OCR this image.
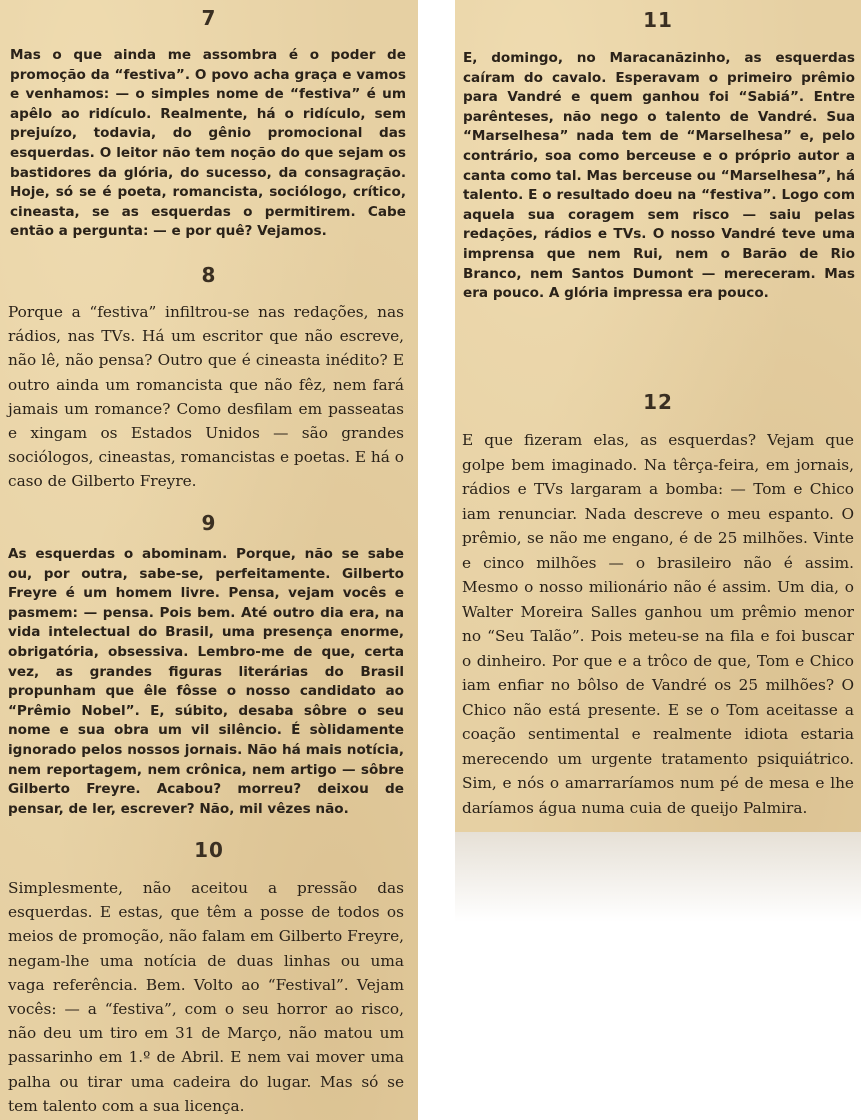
7

Mas o que ainda me assombra é o poder de promoção da “festiva”. O povo acha graça e vamos e venhamos: — o simples nome de “festiva” é um apêlo ao ridículo. Realmente, há o ridículo, sem prejuízo, todavia, do gênio promocional das esquerdas. O leitor não tem noção do que sejam os bastidores da glória, do sucesso, da consagração. Hoje, só se é poeta, romancista, sociólogo, crítico, cineasta, se as esquerdas o permitirem. Cabe então a pergunta: — e por quê? Vejamos.

8

Porque a “festiva” infiltrou-se nas redações, nas rádios, nas TVs. Há um escritor que não escreve, não lê, não pensa? Outro que é cineasta inédito? E outro ainda um romancista que não fêz, nem fará jamais um romance? Como desfilam em passeatas e xingam os Estados Unidos — são grandes sociólogos, cineastas, romancistas e poetas. E há o caso de Gilberto Freyre.

9

As esquerdas o abominam. Porque, não se sabe ou, por outra, sabe-se, perfeitamente. Gilberto Freyre é um homem livre. Pensa, vejam vocês e pasmem: — pensa. Pois bem. Até outro dia era, na vida intelectual do Brasil, uma presença enorme, obrigatória, obsessiva. Lembro-me de que, certa vez, as grandes figuras literárias do Brasil propunham que êle fôsse o nosso candidato ao “Prêmio Nobel”. E, súbito, desaba sôbre o seu nome e sua obra um vil silêncio. É sòlidamente ignorado pelos nossos jornais. Não há mais notícia, nem reportagem, nem crônica, nem artigo — sôbre Gilberto Freyre. Acabou? morreu? deixou de pensar, de ler, escrever? Não, mil vêzes não.

10

Simplesmente, não aceitou a pressão das esquerdas. E estas, que têm a posse de todos os meios de promoção, não falam em Gilberto Freyre, negam-lhe uma notícia de duas linhas ou uma vaga referência. Bem. Volto ao “Festival”. Vejam vocês: — a “festiva”, com o seu horror ao risco, não deu um tiro em 31 de Março, não matou um passarinho em 1.º de Abril. E nem vai mover uma palha ou tirar uma cadeira do lugar. Mas só se tem talento com a sua licença.

11

E, domingo, no Maracanãzinho, as esquerdas caíram do cavalo. Esperavam o primeiro prêmio para Vandré e quem ganhou foi “Sabiá”. Entre parênteses, não nego o talento de Vandré. Sua “Marselhesa” nada tem de “Marselhesa” e, pelo contrário, soa como berceuse e o próprio autor a canta como tal. Mas berceuse ou “Marselhesa”, há talento. E o resultado doeu na “festiva”. Logo com aquela sua coragem sem risco — saiu pelas redações, rádios e TVs. O nosso Vandré teve uma imprensa que nem Rui, nem o Barão de Rio Branco, nem Santos Dumont — mereceram. Mas era pouco. A glória impressa era pouco.

12

E que fizeram elas, as esquerdas? Vejam que golpe bem imaginado. Na têrça-feira, em jornais, rádios e TVs largaram a bomba: — Tom e Chico iam renunciar. Nada descreve o meu espanto. O prêmio, se não me engano, é de 25 milhões. Vinte e cinco milhões — o brasileiro não é assim. Mesmo o nosso milionário não é assim. Um dia, o Walter Moreira Salles ganhou um prêmio menor no “Seu Talão”. Pois meteu-se na fila e foi buscar o dinheiro. Por que e a trôco de que, Tom e Chico iam enfiar no bôlso de Vandré os 25 milhões? O Chico não está presente. E se o Tom aceitasse a coação sentimental e realmente idiota estaria merecendo um urgente tratamento psiquiátrico. Sim, e nós o amarraríamos num pé de mesa e lhe daríamos água numa cuia de queijo Palmira.
